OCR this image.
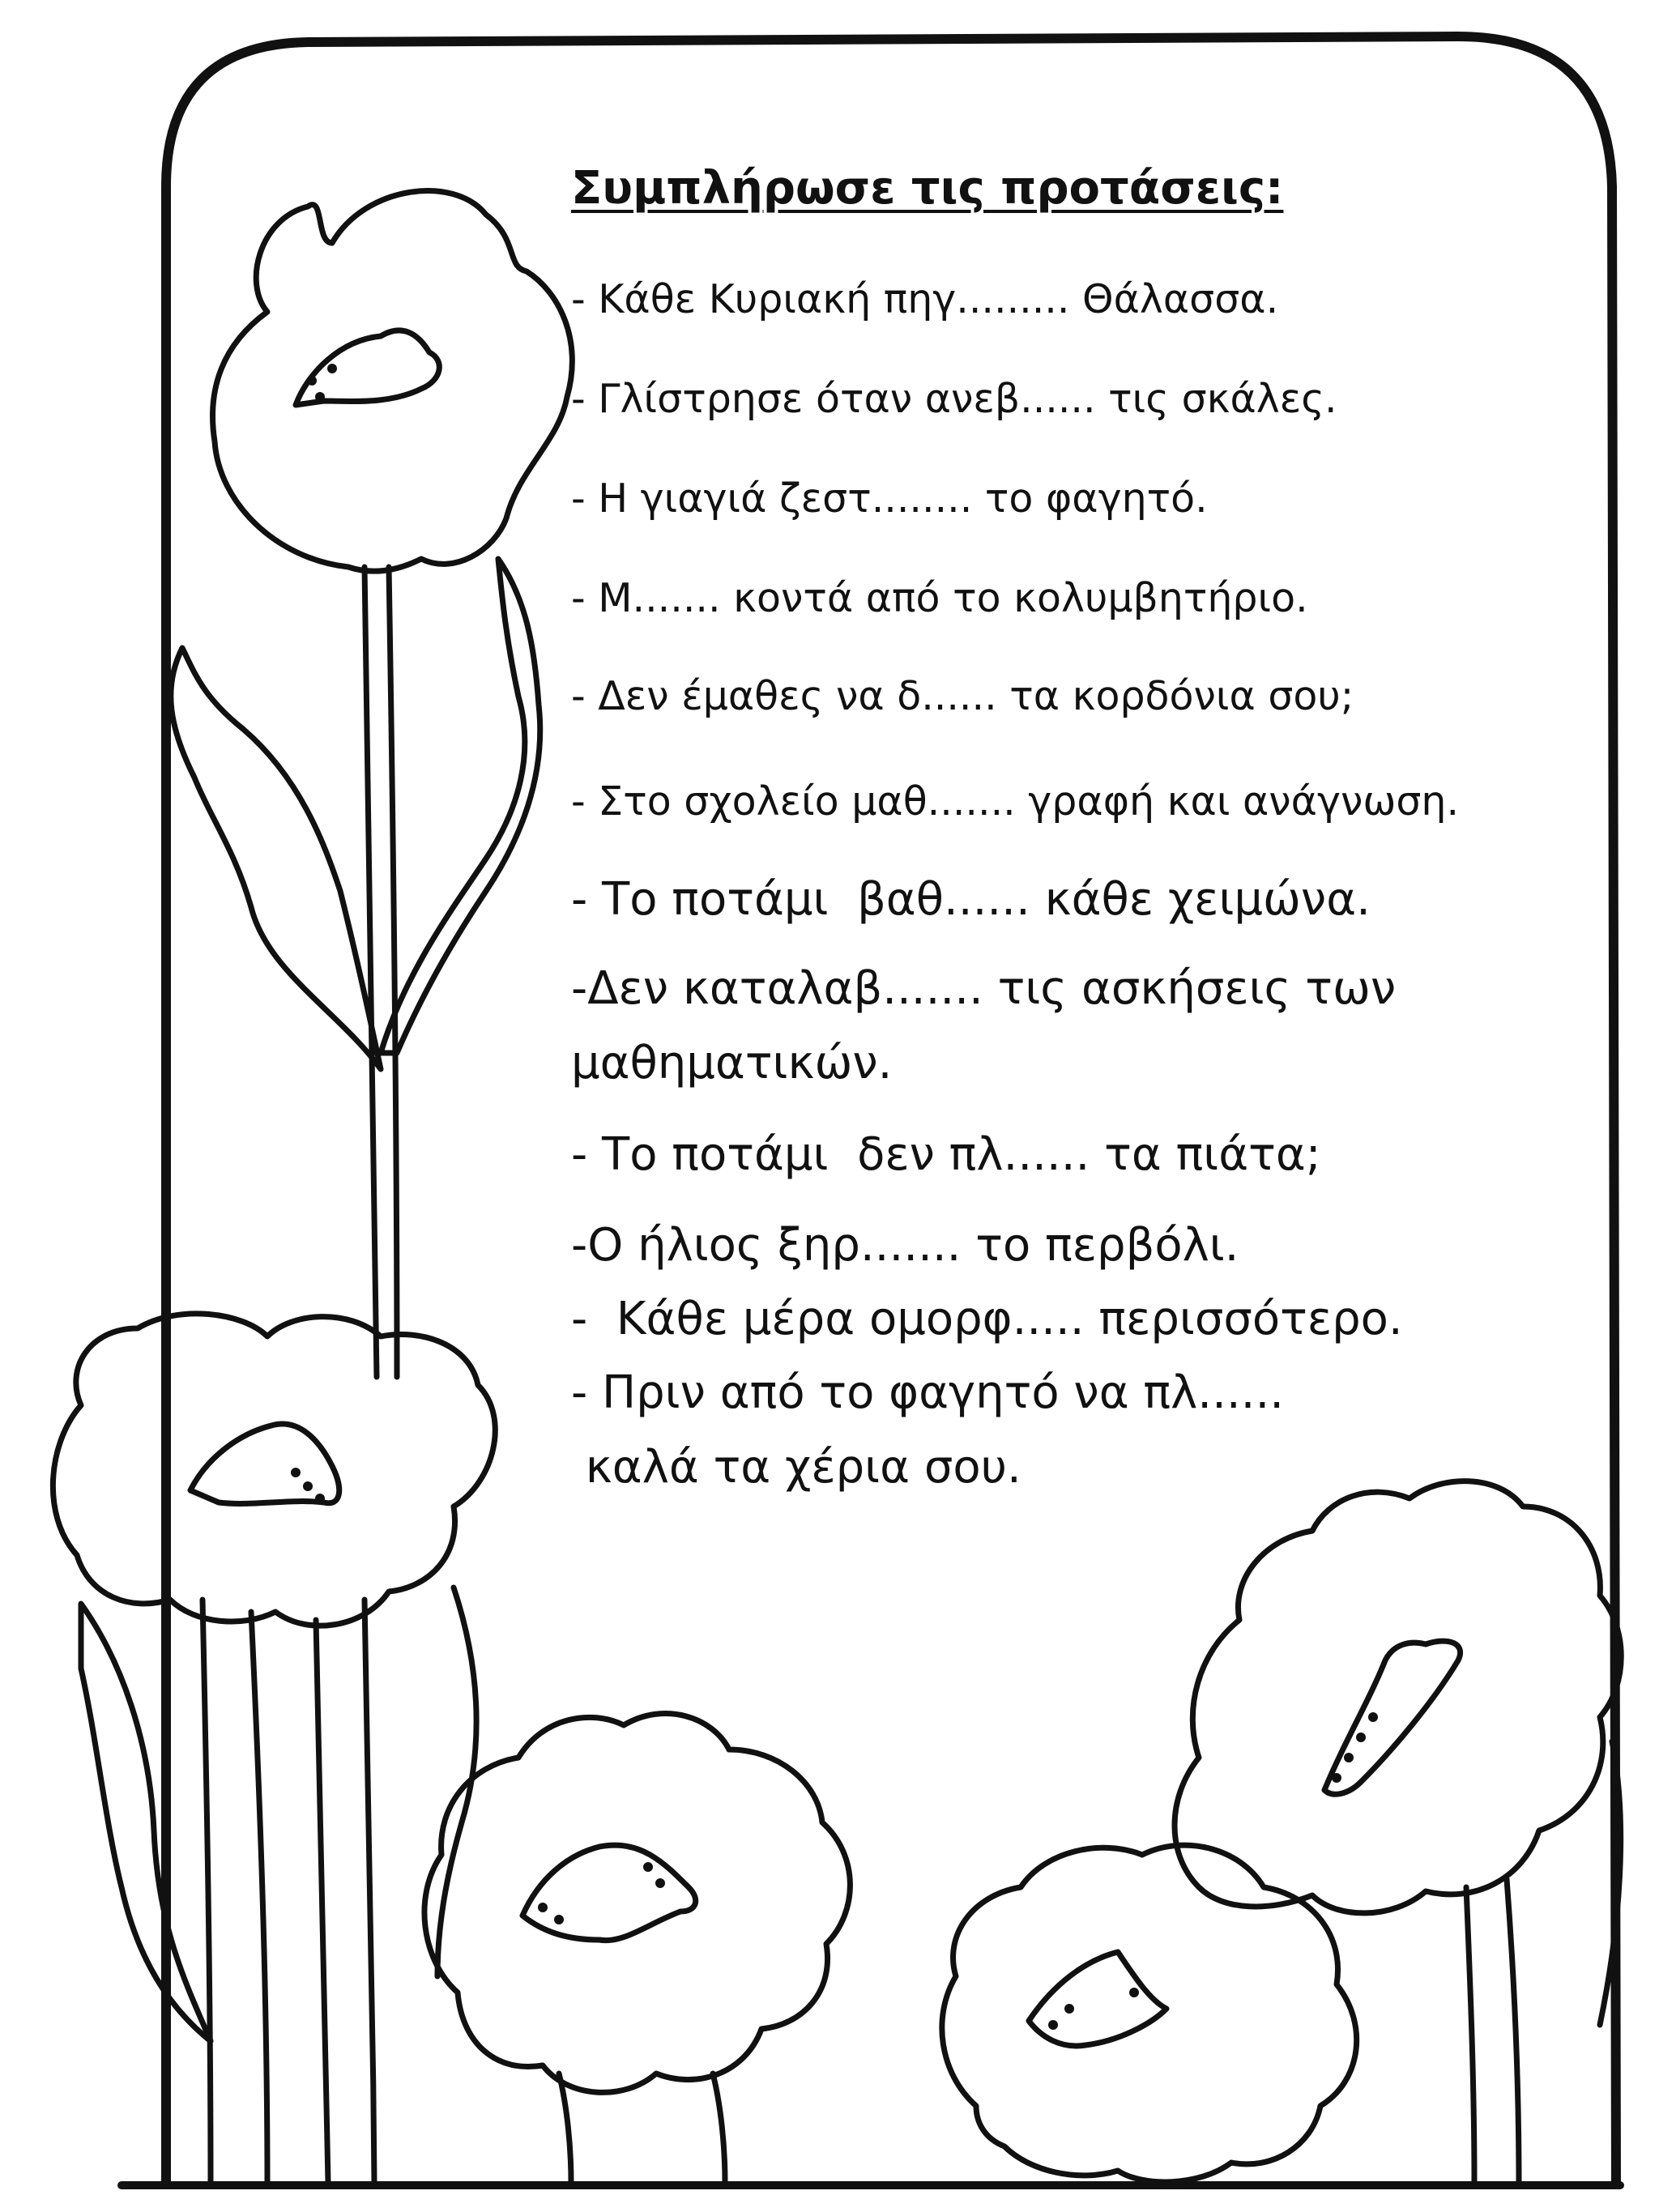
Συμπλήρωσε τις προτάσεις:
- Κάθε Κυριακή πηγ......... Θάλασσα.
- Γλίστρησε όταν ανεβ...... τις σκάλες.
- Η γιαγιά ζεστ........ το φαγητό.
- Μ....... κοντά από το κολυμβητήριο.
- Δεν έμαθες να δ...... τα κορδόνια σου;
- Στο σχολείο μαθ....... γραφή και ανάγνωση.
- Το ποτάμι  βαθ...... κάθε χειμώνα.
-Δεν καταλαβ....... τις ασκήσεις των
μαθηματικών.
- Το ποτάμι  δεν πλ...... τα πιάτα;
-Ο ήλιος ξηρ....... το περβόλι.
-  Κάθε μέρα ομορφ..... περισσότερο.
- Πριν από το φαγητό να πλ......
καλά τα χέρια σου.
